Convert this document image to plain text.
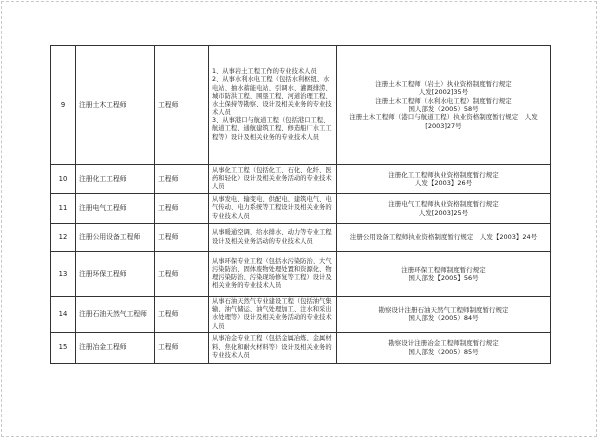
9	注册土木工程师	工程师	1、从事岩土工程工作的专业技术人员
2、从事水利水电工程（包括水利枢纽、水电站、抽水蓄能电站、引调水、灌溉排涝、城市防洪工程、围垦工程、河道治理工程、水土保持等勘察、设计及相关业务的专业技术人员
3、从事港口与航道工程（包括港口工程、航道工程、通航建筑工程、修造船厂水工工程等）设计及相关业务的专业技术人员	注册土木工程师（岩土）执业资格制度暂行规定
人发[2002]35号
注册土木工程师（水利水电工程）制度暂行规定
国人部发（2005）58号
注册土木工程师（港口与航道工程）执业资格制度暂行规定　人发[2003]27号

10	注册化工工程师	工程师	从事化工工程（包括化工、石化、化纤、医药和轻化）设计及相关业务活动的专业技术人员	注册化工工程师执业资格制度暂行规定
人发【2003】26号

11	注册电气工程师	工程师	从事发电、输变电、供配电、建筑电气、电气传动、电力系统等工程设计及相关业务的专业技术人员	注册电气工程师执业资格制度暂行规定
人发[2003]25号

12	注册公用设备工程师	工程师	从事暖通空调、给水排水、动力等专业工程设计及相关业务活动的专业技术人员	注册公用设备工程师执业资格制度暂行规定　人发【2003】24号

13	注册环保工程师	工程师	从事环保专业工程（包括水污染防治、大气污染防治、固体废物处理处置和资源化、物理污染防治、污染现场修复等工程）设计及相关业务的专业技术人员	注册环保工程师制度暂行规定
国人部发【2005】56号

14	注册石油天然气工程师	工程师	从事石油天然气专业建设工程（包括油气集输、油气储运、油气处理加工、注水和采出水处理等）设计及相关业务活动的专业技术人员	勘察设计注册石油天然气工程师制度暂行规定
国人部发（2005）84号

15	注册冶金工程师	工程师	从事冶金专业工程（包括金属冶炼、金属材料、焦化和耐火材料等）设计及相关业务的专业技术人员	勘察设计注册冶金工程师制度暂行规定
国人部发（2005）85号
